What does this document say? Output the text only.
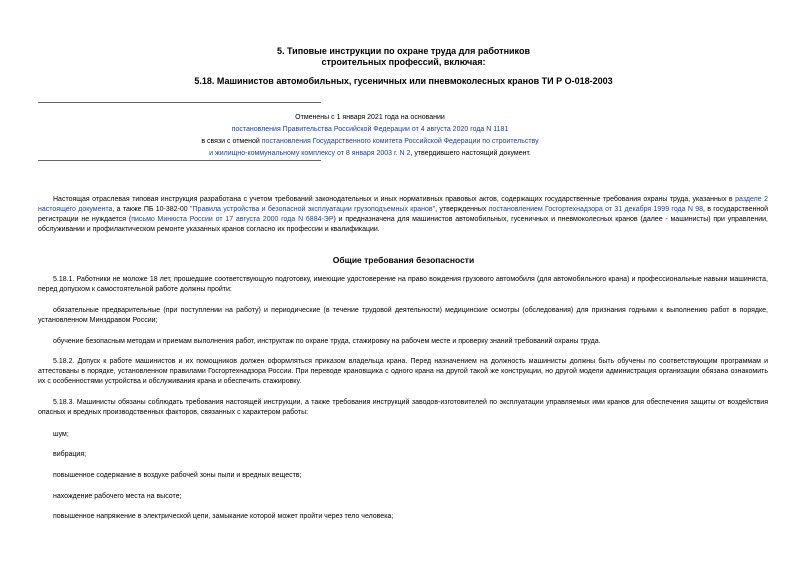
5. Типовые инструкции по охране труда для работников
строительных профессий, включая:
5.18. Машинистов автомобильных, гусеничных или пневмоколесных кранов ТИ Р О-018-2003
Отменены с 1 января 2021 года на основании
постановления Правительства Российской Федерации от 4 августа 2020 года N 1181
в связи с отменой постановления Государственного комитета Российской Федерации по строительству
и жилищно-коммунальному комплексу от 8 января 2003 г. N 2, утвердившего настоящий документ.
Настоящая отраслевая типовая инструкция разработана с учетом требований законодательных и иных нормативных правовых актов, содержащих государственные требования охраны труда, указанных в разделе 2 настоящего документа, а также ПБ 10-382-00 "Правила устройства и безопасной эксплуатации грузоподъемных кранов", утвержденных постановлением Госгортехнадзора от 31 декабря 1999 года N 98, в государственной регистрации не нуждается (письмо Минюста России от 17 августа 2000 года N 6884-ЭР) и предназначена для машинистов автомобильных, гусеничных и пневмоколесных кранов (далее - машинисты) при управлении, обслуживании и профилактическом ремонте указанных кранов согласно их профессии и квалификации.
Общие требования безопасности
5.18.1. Работники не моложе 18 лет, прошедшие соответствующую подготовку, имеющие удостоверение на право вождения грузового автомобиля (для автомобильного крана) и профессиональные навыки машиниста, перед допуском к самостоятельной работе должны пройти:
обязательные предварительные (при поступлении на работу) и периодические (в течение трудовой деятельности) медицинские осмотры (обследования) для признания годными к выполнению работ в порядке, установленном Минздравом России;
обучение безопасным методам и приемам выполнения работ, инструктаж по охране труда, стажировку на рабочем месте и проверку знаний требований охраны труда.
5.18.2. Допуск к работе машинистов и их помощников должен оформляться приказом владельца крана. Перед назначением на должность машинисты должны быть обучены по соответствующим программам и аттестованы в порядке, установленном правилами Госгортехнадзора России. При переводе крановщика с одного крана на другой такой же конструкции, но другой модели администрация организации обязана ознакомить их с особенностями устройства и обслуживания крана и обеспечить стажировку.
5.18.3. Машинисты обязаны соблюдать требования настоящей инструкции, а также требования инструкций заводов-изготовителей по эксплуатации управляемых ими кранов для обеспечения защиты от воздействия опасных и вредных производственных факторов, связанных с характером работы:
шум;
вибрация;
повышенное содержание в воздухе рабочей зоны пыли и вредных веществ;
нахождение рабочего места на высоте;
повышенное напряжение в электрической цепи, замыкание которой может пройти через тело человека;
